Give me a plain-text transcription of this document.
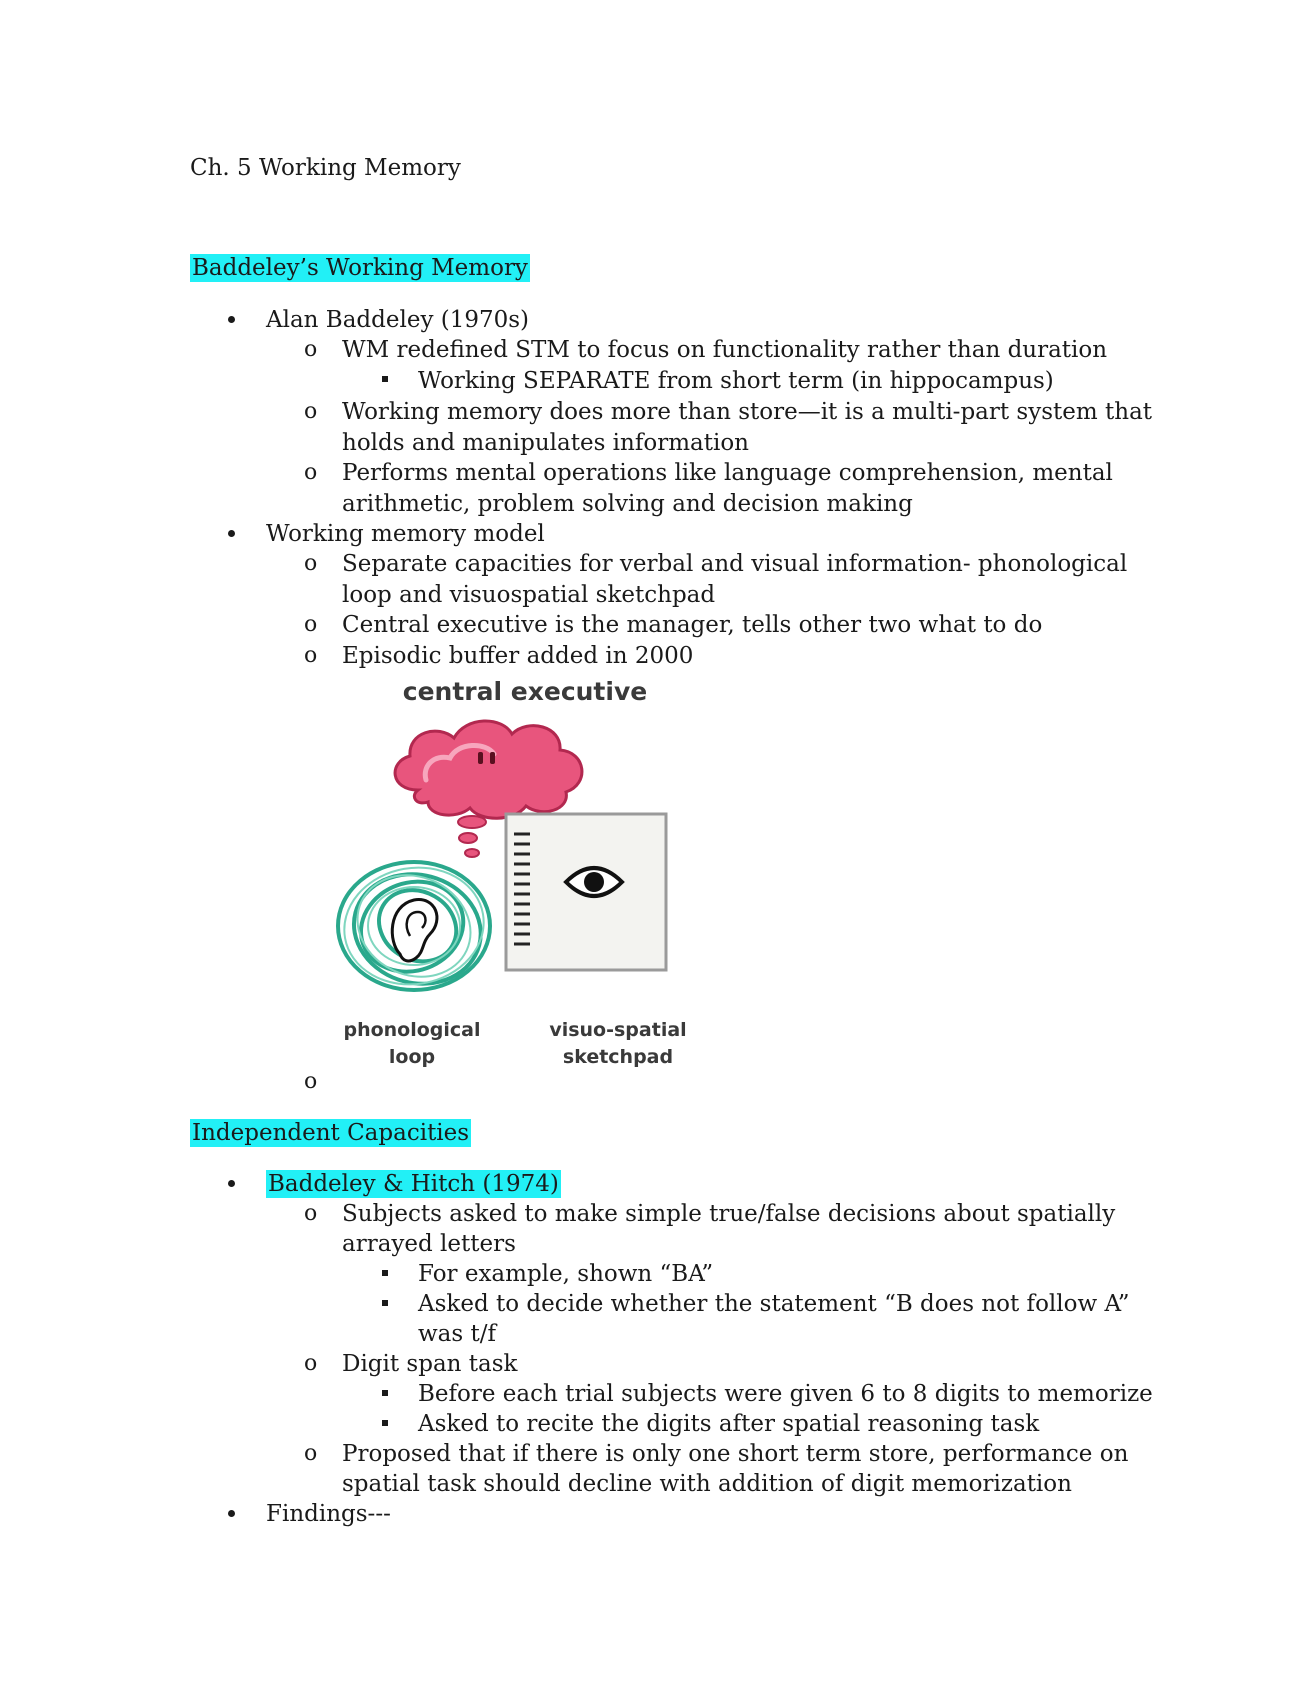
Ch. 5 Working Memory
Baddeley’s Working Memory
Alan Baddeley (1970s)
o WM redefined STM to focus on functionality rather than duration
Working SEPARATE from short term (in hippocampus)
o Working memory does more than store—it is a multi-part system that
holds and manipulates information
o Performs mental operations like language comprehension, mental
arithmetic, problem solving and decision making
Working memory model
o Separate capacities for verbal and visual information- phonological
loop and visuospatial sketchpad
o Central executive is the manager, tells other two what to do
o Episodic buffer added in 2000
central executive
phonological
loop
visuo-spatial
sketchpad
o
Independent Capacities
Baddeley & Hitch (1974)
o Subjects asked to make simple true/false decisions about spatially
arrayed letters
For example, shown “BA”
Asked to decide whether the statement “B does not follow A”
was t/f
o Digit span task
Before each trial subjects were given 6 to 8 digits to memorize
Asked to recite the digits after spatial reasoning task
o Proposed that if there is only one short term store, performance on
spatial task should decline with addition of digit memorization
Findings---
